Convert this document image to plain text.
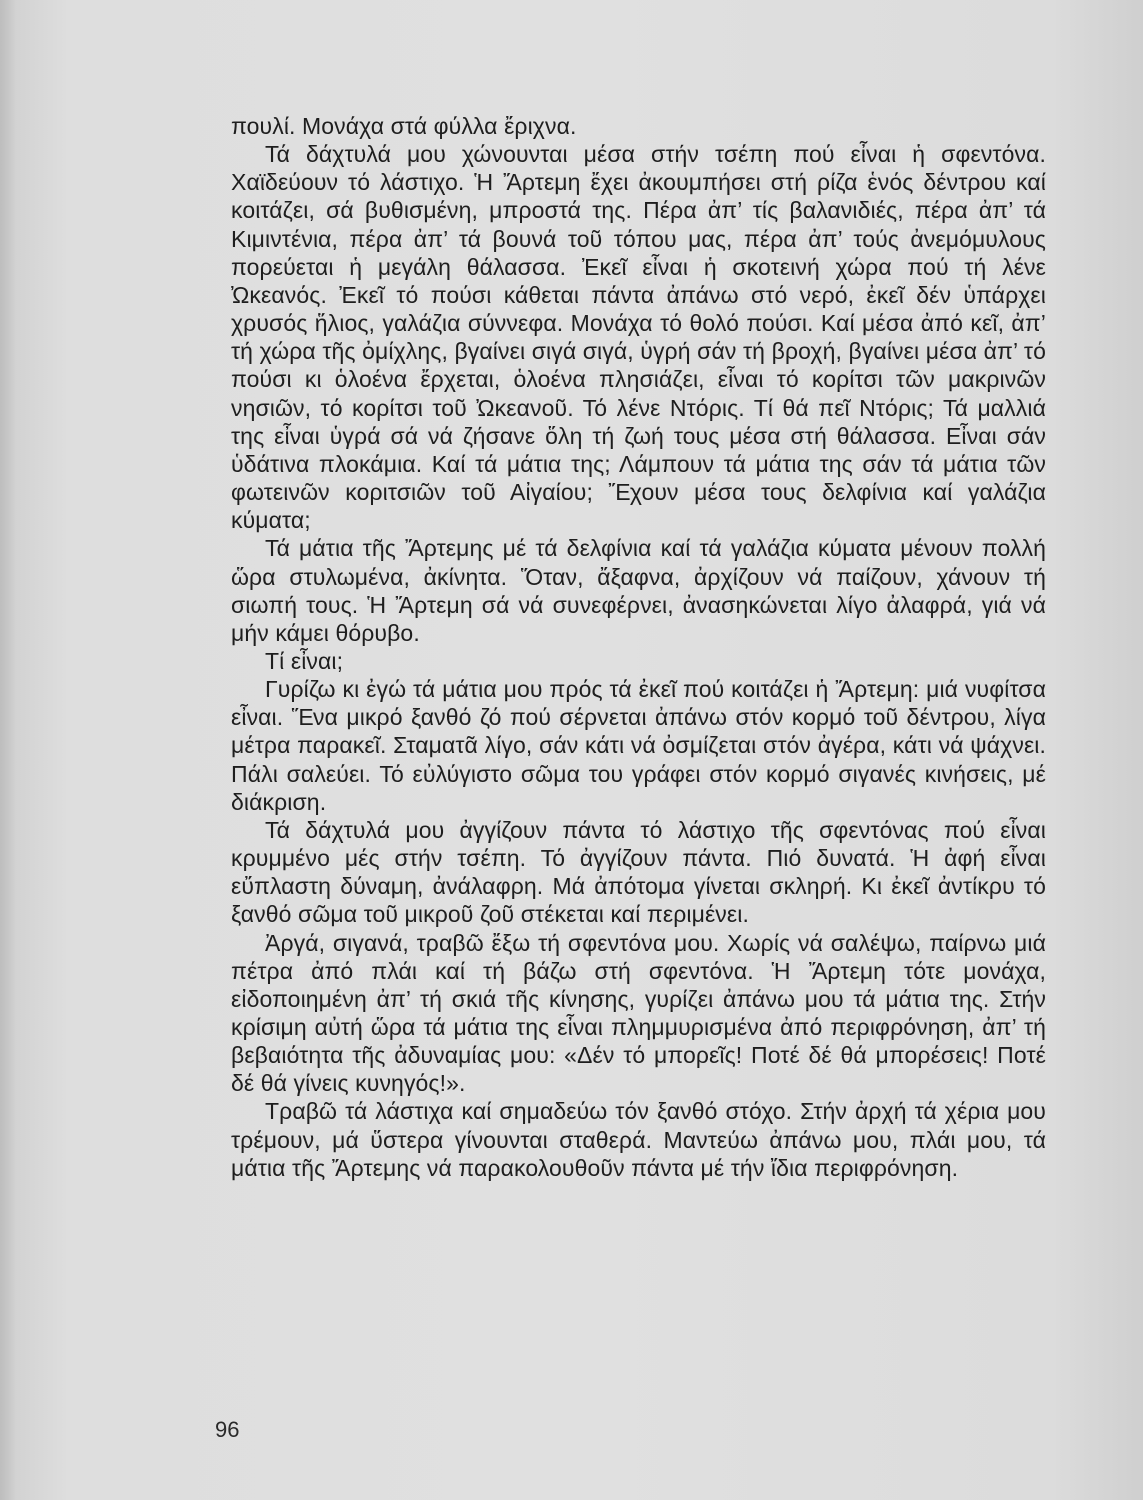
πουλί. Μονάχα στά φύλλα ἔριχνα.

Τά δάχτυλά μου χώνουνται μέσα στήν τσέπη πού εἶναι ἡ σφεντόνα. Χαϊδεύουν τό λάστιχο. Ἡ Ἄρτεμη ἔχει ἀκουμπήσει στή ρίζα ἑνός δέντρου καί κοιτάζει, σά βυθισμένη, μπροστά της. Πέρα ἀπ’ τίς βαλανιδιές, πέρα ἀπ’ τά Κιμιντένια, πέρα ἀπ’ τά βουνά τοῦ τόπου μας, πέρα ἀπ’ τούς ἀνεμόμυλους πορεύεται ἡ μεγάλη θάλασσα. Ἐκεῖ εἶναι ἡ σκοτεινή χώρα πού τή λένε Ὠκεανός. Ἐκεῖ τό πούσι κάθεται πάντα ἀπάνω στό νερό, ἐκεῖ δέν ὑπάρχει χρυσός ἥλιος, γαλάζια σύννεφα. Μονάχα τό θολό πούσι. Καί μέσα ἀπό κεῖ, ἀπ’ τή χώρα τῆς ὀμίχλης, βγαίνει σιγά σιγά, ὑγρή σάν τή βροχή, βγαίνει μέσα ἀπ’ τό πούσι κι ὁλοένα ἔρχεται, ὁλοένα πλησιάζει, εἶναι τό κορίτσι τῶν μακρινῶν νησιῶν, τό κορίτσι τοῦ Ὠκεανοῦ. Τό λένε Ντόρις. Τί θά πεῖ Ντόρις; Τά μαλλιά της εἶναι ὑγρά σά νά ζήσανε ὅλη τή ζωή τους μέσα στή θάλασσα. Εἶναι σάν ὑδάτινα πλοκάμια. Καί τά μάτια της; Λάμπουν τά μάτια της σάν τά μάτια τῶν φωτεινῶν κοριτσιῶν τοῦ Αἰγαίου; Ἔχουν μέσα τους δελφίνια καί γαλάζια κύματα;

Τά μάτια τῆς Ἄρτεμης μέ τά δελφίνια καί τά γαλάζια κύματα μένουν πολλή ὥρα στυλωμένα, ἀκίνητα. Ὅταν, ἄξαφνα, ἀρχίζουν νά παίζουν, χάνουν τή σιωπή τους. Ἡ Ἄρτεμη σά νά συνεφέρνει, ἀνασηκώνεται λίγο ἀλαφρά, γιά νά μήν κάμει θόρυβο.

Τί εἶναι;

Γυρίζω κι ἐγώ τά μάτια μου πρός τά ἐκεῖ πού κοιτάζει ἡ Ἄρτεμη: μιά νυφίτσα εἶναι. Ἕνα μικρό ξανθό ζό πού σέρνεται ἀπάνω στόν κορμό τοῦ δέντρου, λίγα μέτρα παρακεῖ. Σταματᾶ λίγο, σάν κάτι νά ὀσμίζεται στόν ἀγέρα, κάτι νά ψάχνει. Πάλι σαλεύει. Τό εὐλύγιστο σῶμα του γράφει στόν κορμό σιγανές κινήσεις, μέ διάκριση.

Τά δάχτυλά μου ἀγγίζουν πάντα τό λάστιχο τῆς σφεντόνας πού εἶναι κρυμμένο μές στήν τσέπη. Τό ἀγγίζουν πάντα. Πιό δυνατά. Ἡ ἀφή εἶναι εὔπλαστη δύναμη, ἀνάλαφρη. Μά ἀπότομα γίνεται σκληρή. Κι ἐκεῖ ἀντίκρυ τό ξανθό σῶμα τοῦ μικροῦ ζοῦ στέκεται καί περιμένει.

Ἀργά, σιγανά, τραβῶ ἔξω τή σφεντόνα μου. Χωρίς νά σαλέψω, παίρνω μιά πέτρα ἀπό πλάι καί τή βάζω στή σφεντόνα. Ἡ Ἄρτεμη τότε μονάχα, εἰδοποιημένη ἀπ’ τή σκιά τῆς κίνησης, γυρίζει ἀπάνω μου τά μάτια της. Στήν κρίσιμη αὐτή ὥρα τά μάτια της εἶναι πλημμυρισμένα ἀπό περιφρόνηση, ἀπ’ τή βεβαιότητα τῆς ἀδυναμίας μου: «Δέν τό μπορεῖς! Ποτέ δέ θά μπορέσεις! Ποτέ δέ θά γίνεις κυνηγός!».

Τραβῶ τά λάστιχα καί σημαδεύω τόν ξανθό στόχο. Στήν ἀρχή τά χέρια μου τρέμουν, μά ὕστερα γίνουνται σταθερά. Μαντεύω ἀπάνω μου, πλάι μου, τά μάτια τῆς Ἄρτεμης νά παρακολουθοῦν πάντα μέ τήν ἴδια περιφρόνηση.

96
